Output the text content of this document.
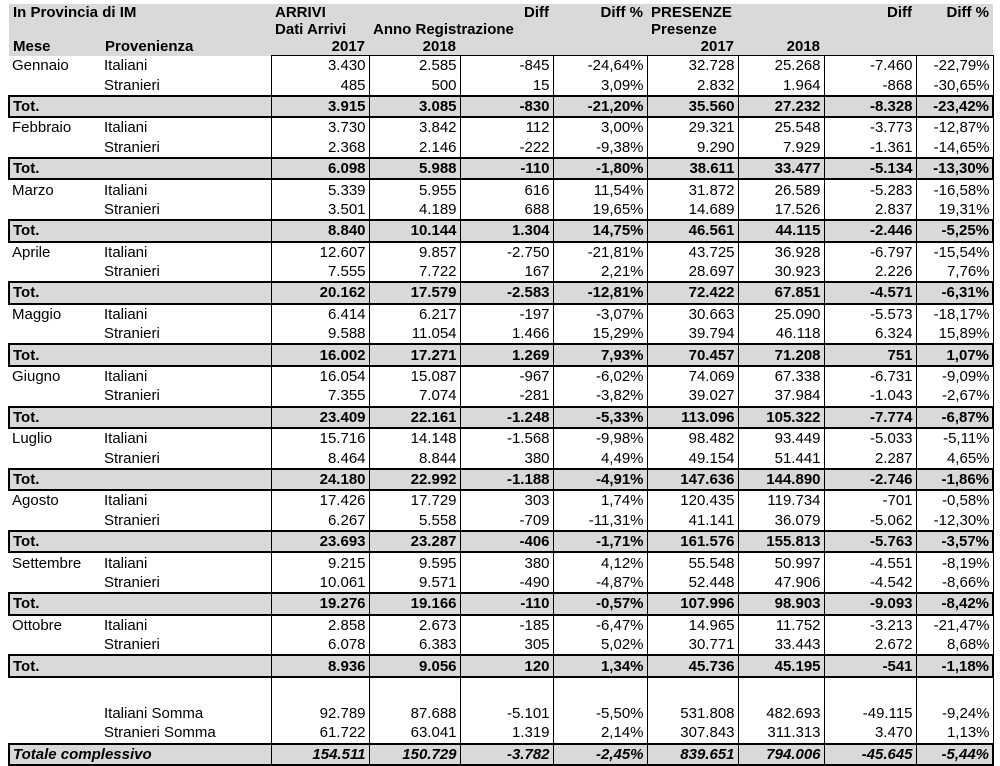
In Provincia di IM		ARRIVI		Diff	Diff %	PRESENZE		Diff	Diff %
		Dati Arrivi	Anno Registrazione			Presenze			
Mese	Provenienza	2017	2018			2017	2018		
Gennaio	Italiani	3.430	2.585	-845	-24,64%	32.728	25.268	-7.460	-22,79%
	Stranieri	485	500	15	3,09%	2.832	1.964	-868	-30,65%
Tot.		3.915	3.085	-830	-21,20%	35.560	27.232	-8.328	-23,42%
Febbraio	Italiani	3.730	3.842	112	3,00%	29.321	25.548	-3.773	-12,87%
	Stranieri	2.368	2.146	-222	-9,38%	9.290	7.929	-1.361	-14,65%
Tot.		6.098	5.988	-110	-1,80%	38.611	33.477	-5.134	-13,30%
Marzo	Italiani	5.339	5.955	616	11,54%	31.872	26.589	-5.283	-16,58%
	Stranieri	3.501	4.189	688	19,65%	14.689	17.526	2.837	19,31%
Tot.		8.840	10.144	1.304	14,75%	46.561	44.115	-2.446	-5,25%
Aprile	Italiani	12.607	9.857	-2.750	-21,81%	43.725	36.928	-6.797	-15,54%
	Stranieri	7.555	7.722	167	2,21%	28.697	30.923	2.226	7,76%
Tot.		20.162	17.579	-2.583	-12,81%	72.422	67.851	-4.571	-6,31%
Maggio	Italiani	6.414	6.217	-197	-3,07%	30.663	25.090	-5.573	-18,17%
	Stranieri	9.588	11.054	1.466	15,29%	39.794	46.118	6.324	15,89%
Tot.		16.002	17.271	1.269	7,93%	70.457	71.208	751	1,07%
Giugno	Italiani	16.054	15.087	-967	-6,02%	74.069	67.338	-6.731	-9,09%
	Stranieri	7.355	7.074	-281	-3,82%	39.027	37.984	-1.043	-2,67%
Tot.		23.409	22.161	-1.248	-5,33%	113.096	105.322	-7.774	-6,87%
Luglio	Italiani	15.716	14.148	-1.568	-9,98%	98.482	93.449	-5.033	-5,11%
	Stranieri	8.464	8.844	380	4,49%	49.154	51.441	2.287	4,65%
Tot.		24.180	22.992	-1.188	-4,91%	147.636	144.890	-2.746	-1,86%
Agosto	Italiani	17.426	17.729	303	1,74%	120.435	119.734	-701	-0,58%
	Stranieri	6.267	5.558	-709	-11,31%	41.141	36.079	-5.062	-12,30%
Tot.		23.693	23.287	-406	-1,71%	161.576	155.813	-5.763	-3,57%
Settembre	Italiani	9.215	9.595	380	4,12%	55.548	50.997	-4.551	-8,19%
	Stranieri	10.061	9.571	-490	-4,87%	52.448	47.906	-4.542	-8,66%
Tot.		19.276	19.166	-110	-0,57%	107.996	98.903	-9.093	-8,42%
Ottobre	Italiani	2.858	2.673	-185	-6,47%	14.965	11.752	-3.213	-21,47%
	Stranieri	6.078	6.383	305	5,02%	30.771	33.443	2.672	8,68%
Tot.		8.936	9.056	120	1,34%	45.736	45.195	-541	-1,18%

	Italiani Somma	92.789	87.688	-5.101	-5,50%	531.808	482.693	-49.115	-9,24%
	Stranieri Somma	61.722	63.041	1.319	2,14%	307.843	311.313	3.470	1,13%
Totale complessivo		154.511	150.729	-3.782	-2,45%	839.651	794.006	-45.645	-5,44%
